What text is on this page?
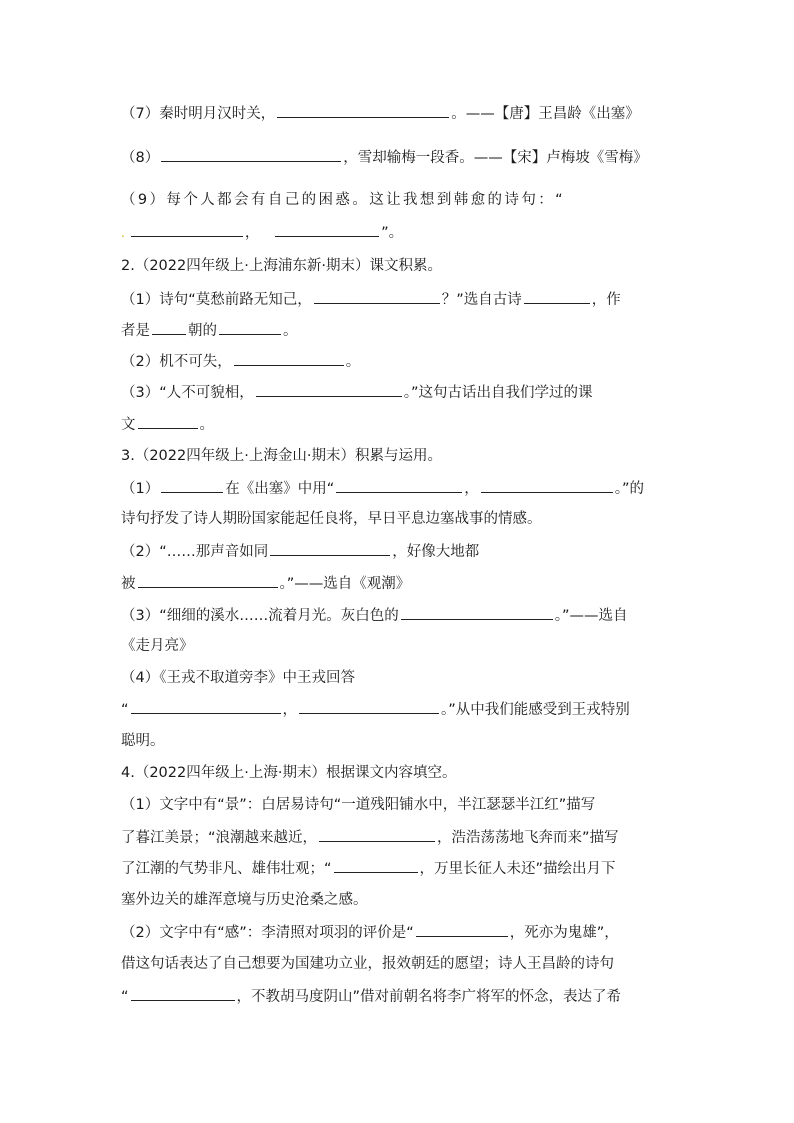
（7）秦时明月汉时关，	。——【唐】王昌龄《出塞》
（8）	，雪却输梅一段香。——【宋】卢梅坡《雪梅》
（9）每个人都会有自己的困惑。这让我想到韩愈的诗句：“
.	，	”。
2.（2022四年级上·上海浦东新·期末）课文积累。
（1）诗句“莫愁前路无知己，	？”选自古诗	，作
者是	朝的	。
（2）机不可失，	。
（3）“人不可貌相，	。”这句古话出自我们学过的课
文	。
3.（2022四年级上·上海金山·期末）积累与运用。
（1）	在《出塞》中用“	，	。”的
诗句抒发了诗人期盼国家能起任良将，早日平息边塞战事的情感。
（2）“……那声音如同	，好像大地都
被	。”——选自《观潮》
（3）“细细的溪水……流着月光。灰白色的	。”——选自
《走月亮》
（4）《王戎不取道旁李》中王戎回答
“	，	。”从中我们能感受到王戎特别
聪明。
4.（2022四年级上·上海·期末）根据课文内容填空。
（1）文字中有“景”：白居易诗句“一道残阳铺水中，半江瑟瑟半江红”描写
了暮江美景；“浪潮越来越近，	，浩浩荡荡地飞奔而来”描写
了江潮的气势非凡、雄伟壮观；“	，万里长征人未还”描绘出月下
塞外边关的雄浑意境与历史沧桑之感。
（2）文字中有“感”：李清照对项羽的评价是“	，死亦为鬼雄”，
借这句话表达了自己想要为国建功立业，报效朝廷的愿望；诗人王昌龄的诗句
“	，不教胡马度阴山”借对前朝名将李广将军的怀念，表达了希
